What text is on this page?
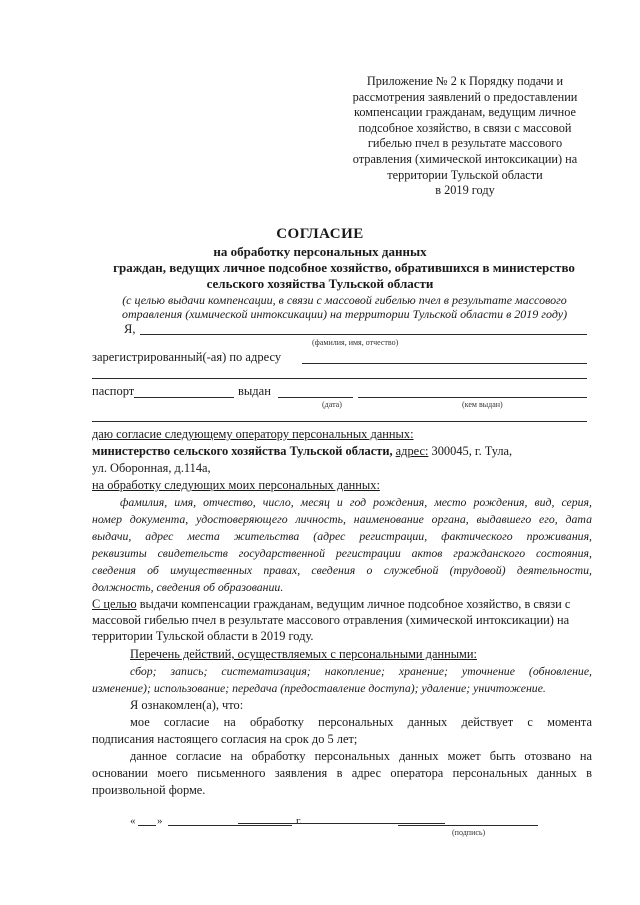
Приложение № 2 к Порядку подачи и
рассмотрения заявлений о предоставлении
компенсации гражданам, ведущим личное
подсобное хозяйство, в связи с массовой
гибелью пчел в результате массового
отравления (химической интоксикации) на
территории Тульской области
в 2019 году
СОГЛАСИЕ
на обработку персональных данных
граждан, ведущих личное подсобное хозяйство, обратившихся в министерство
сельского хозяйства Тульской области
(с целью выдачи компенсации, в связи с массовой гибелью пчел в результате массового
отравления (химической интоксикации) на территории Тульской области в 2019 году)
Я,
(фамилия, имя, отчество)
зарегистрированный(-ая) по адресу
паспорт	выдан
(дата)	(кем выдан)
даю согласие следующему оператору персональных данных:
министерство сельского хозяйства Тульской области, адрес: 300045, г. Тула,
ул. Оборонная, д.114а,
на обработку следующих моих персональных данных:
фамилия, имя, отчество, число, месяц и год рождения, место рождения, вид, серия,
номер документа, удостоверяющего личность, наименование органа, выдавшего его, дата
выдачи, адрес места жительства (адрес регистрации, фактического проживания,
реквизиты свидетельств государственной регистрации актов гражданского состояния,
сведения об имущественных правах, сведения о служебной (трудовой) деятельности,
должность, сведения об образовании.
С целью выдачи компенсации гражданам, ведущим личное подсобное хозяйство, в связи с
массовой гибелью пчел в результате массового отравления (химической интоксикации) на
территории Тульской области в 2019 году.
Перечень действий, осуществляемых с персональными данными:
сбор; запись; систематизация; накопление; хранение; уточнение (обновление,
изменение); использование; передача (предоставление доступа); удаление; уничтожение.
Я ознакомлен(а), что:
мое согласие на обработку персональных данных действует с момента
подписания настоящего согласия на срок до 5 лет;
данное согласие на обработку персональных данных может быть отозвано на
основании моего письменного заявления в адрес оператора персональных данных в
произвольной форме.
« »	г.
(подпись)
